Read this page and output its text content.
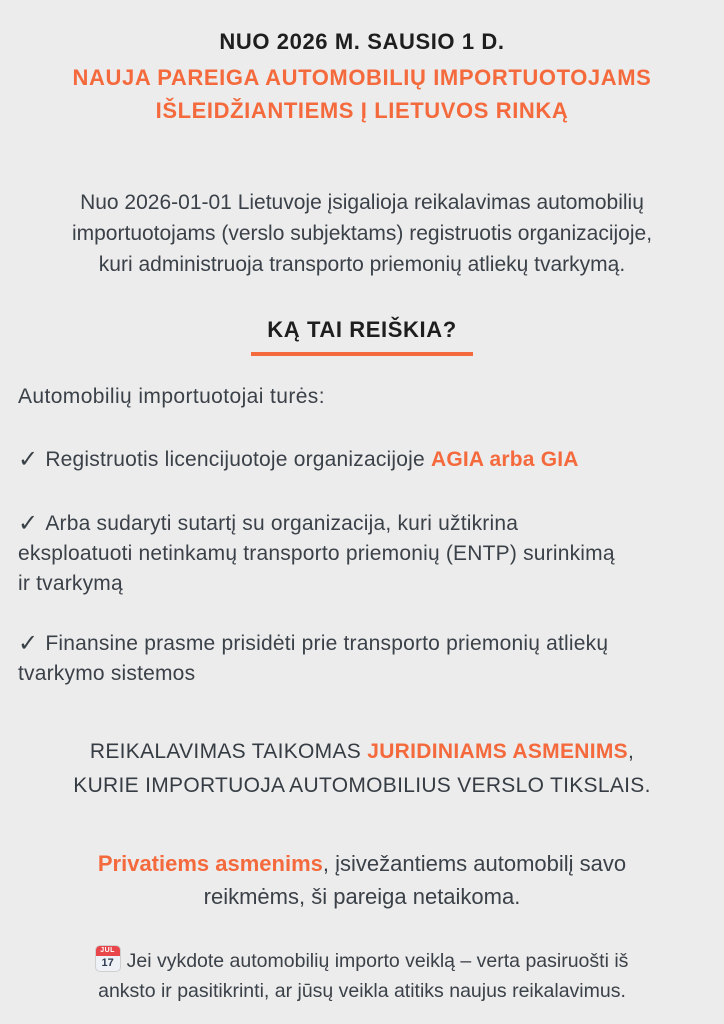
NUO 2026 M. SAUSIO 1 D.
NAUJA PAREIGA AUTOMOBILIŲ IMPORTUOTOJAMS
IŠLEIDŽIANTIEMS Į LIETUVOS RINKĄ

Nuo 2026-01-01 Lietuvoje įsigalioja reikalavimas automobilių
importuotojams (verslo subjektams) registruotis organizacijoje,
kuri administruoja transporto priemonių atliekų tvarkymą.

KĄ TAI REIŠKIA?

Automobilių importuotojai turės:

✓ Registruotis licencijuotoje organizacijoje AGIA arba GIA

✓ Arba sudaryti sutartį su organizacija, kuri užtikrina
eksploatuoti netinkamų transporto priemonių (ENTP) surinkimą
ir tvarkymą

✓ Finansine prasme prisidėti prie transporto priemonių atliekų
tvarkymo sistemos

REIKALAVIMAS TAIKOMAS JURIDINIAMS ASMENIMS,
KURIE IMPORTUOJA AUTOMOBILIUS VERSLO TIKSLAIS.

Privatiems asmenims, įsivežantiems automobilį savo
reikmėms, ši pareiga netaikoma.

JUL
17 Jei vykdote automobilių importo veiklą – verta pasiruošti iš
anksto ir pasitikrinti, ar jūsų veikla atitiks naujus reikalavimus.
